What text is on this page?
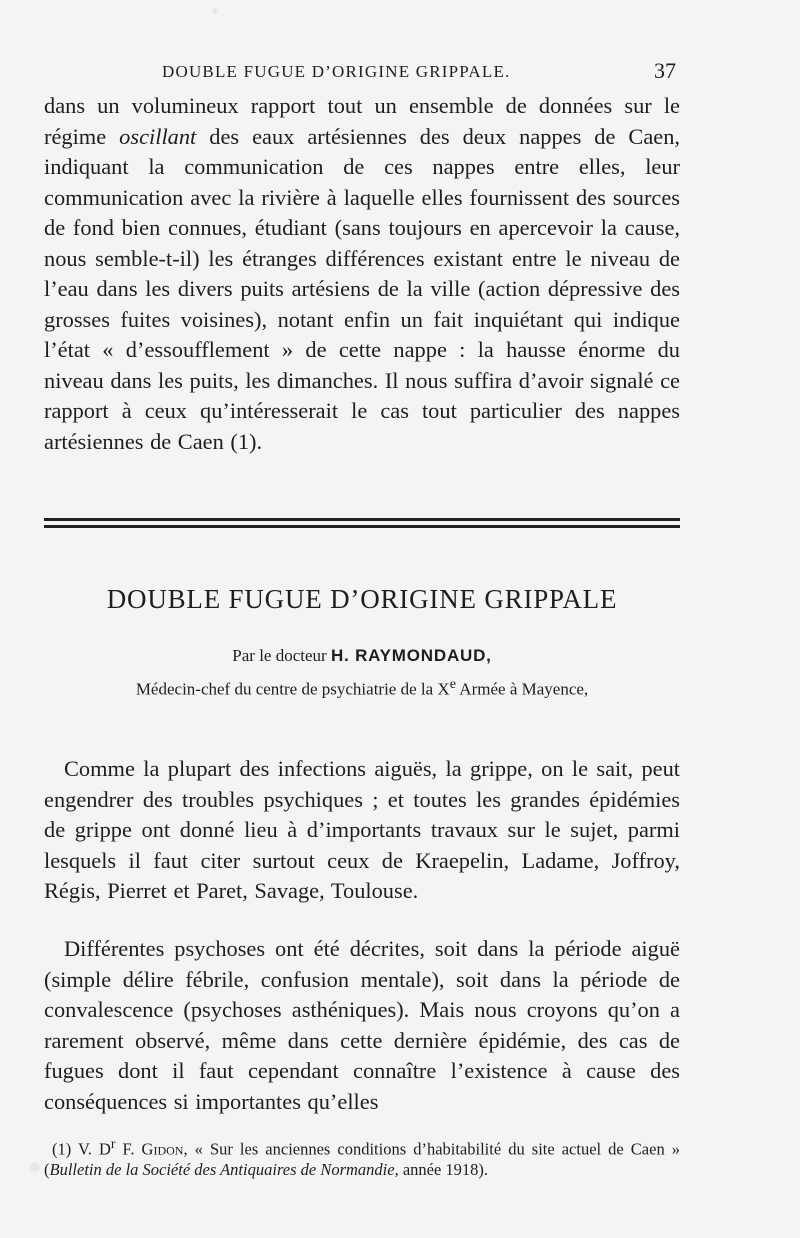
DOUBLE FUGUE D’ORIGINE GRIPPALE.	37

dans un volumineux rapport tout un ensemble de données sur le régime oscillant des eaux artésiennes des deux nappes de Caen, indiquant la communication de ces nappes entre elles, leur communication avec la rivière à laquelle elles fournissent des sources de fond bien connues, étudiant (sans toujours en apercevoir la cause, nous semble-t-il) les étranges différences existant entre le niveau de l’eau dans les divers puits artésiens de la ville (action dépressive des grosses fuites voisines), notant enfin un fait inquiétant qui indique l’état « d’essoufflement » de cette nappe : la hausse énorme du niveau dans les puits, les dimanches. Il nous suffira d’avoir signalé ce rapport à ceux qu’intéresserait le cas tout particulier des nappes artésiennes de Caen (1).

DOUBLE FUGUE D’ORIGINE GRIPPALE
Par le docteur H. RAYMONDAUD,
Médecin-chef du centre de psychiatrie de la Xe Armée à Mayence,

Comme la plupart des infections aiguës, la grippe, on le sait, peut engendrer des troubles psychiques ; et toutes les grandes épidémies de grippe ont donné lieu à d’importants travaux sur le sujet, parmi lesquels il faut citer surtout ceux de Kraepelin, Ladame, Joffroy, Régis, Pierret et Paret, Savage, Toulouse.

Différentes psychoses ont été décrites, soit dans la période aiguë (simple délire fébrile, confusion mentale), soit dans la période de convalescence (psychoses asthéniques). Mais nous croyons qu’on a rarement observé, même dans cette dernière épidémie, des cas de fugues dont il faut cependant connaître l’existence à cause des conséquences si importantes qu’elles

(1) V. $D^r$ F. Gidon, « Sur les anciennes conditions d’habitabilité du site actuel de Caen » (Bulletin de la Société des Antiquaires de Normandie, année 1918).
